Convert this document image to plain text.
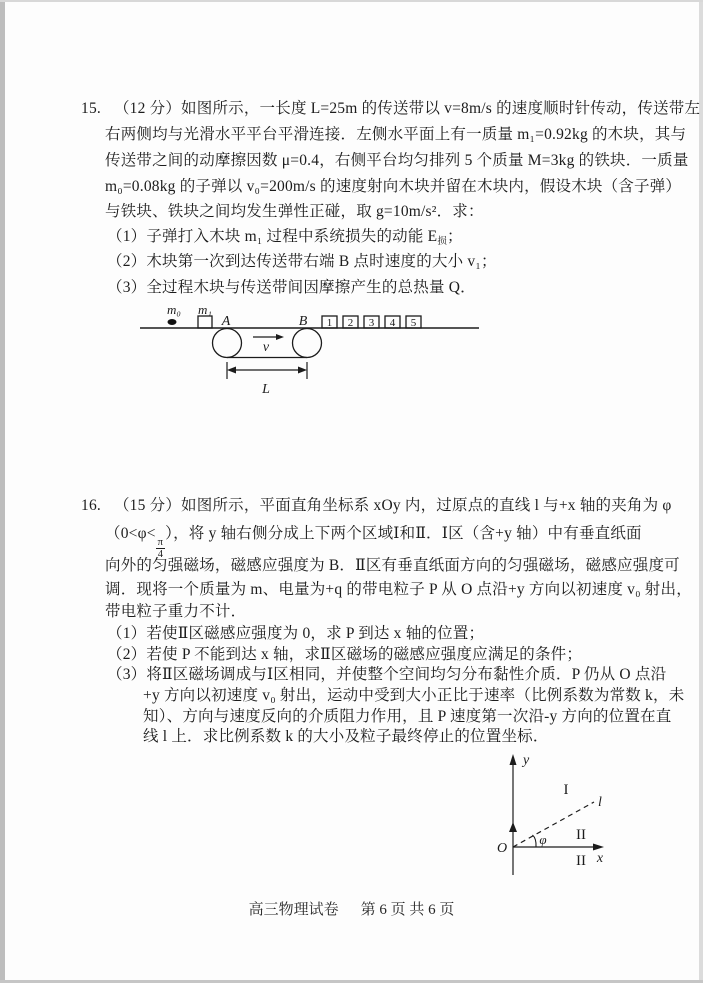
15. （12 分）如图所示，一长度 L=25m 的传送带以 v=8m/s 的速度顺时针传动，传送带左
右两侧均与光滑水平平台平滑连接．左侧水平面上有一质量 m₁=0.92kg 的木块，其与
传送带之间的动摩擦因数 μ=0.4，右侧平台均匀排列 5 个质量 M=3kg 的铁块．一质量
m₀=0.08kg 的子弹以 v₀=200m/s 的速度射向木块并留在木块内，假设木块（含子弹）
与铁块、铁块之间均发生弹性正碰，取 g=10m/s²．求：
（1）子弹打入木块 m₁ 过程中系统损失的动能 E损；
（2）木块第一次到达传送带右端 B 点时速度的大小 v₁；
（3）全过程木块与传送带间因摩擦产生的总热量 Q．
m₀ m₁
A
v
B 1 2 3 4 5
L
16. （15 分）如图所示，平面直角坐标系 xOy 内，过原点的直线 l 与+x 轴的夹角为 φ
（0<φ<
$\frac{\pi}{4}$
），将 y 轴右侧分成上下两个区域Ⅰ和Ⅱ．Ⅰ区（含+y 轴）中有垂直纸面
向外的匀强磁场，磁感应强度为 B．Ⅱ区有垂直纸面方向的匀强磁场，磁感应强度可
调．现将一个质量为 m、电量为+q 的带电粒子 P 从 O 点沿+y 方向以初速度 v₀ 射出，
带电粒子重力不计．
（1）若使Ⅱ区磁感应强度为 0，求 P 到达 x 轴的位置；
（2）若使 P 不能到达 x 轴，求Ⅱ区磁场的磁感应强度应满足的条件；
（3）将Ⅱ区磁场调成与Ⅰ区相同，并使整个空间均匀分布黏性介质．P 仍从 O 点沿
+y 方向以初速度 v₀ 射出，运动中受到大小正比于速率（比例系数为常数 k，未
知）、方向与速度反向的介质阻力作用，且 P 速度第一次沿-y 方向的位置在直
线 l 上．求比例系数 k 的大小及粒子最终停止的位置坐标．
y
x
O
l
φ
I
II
II
高三物理试卷 第 6 页 共 6 页
